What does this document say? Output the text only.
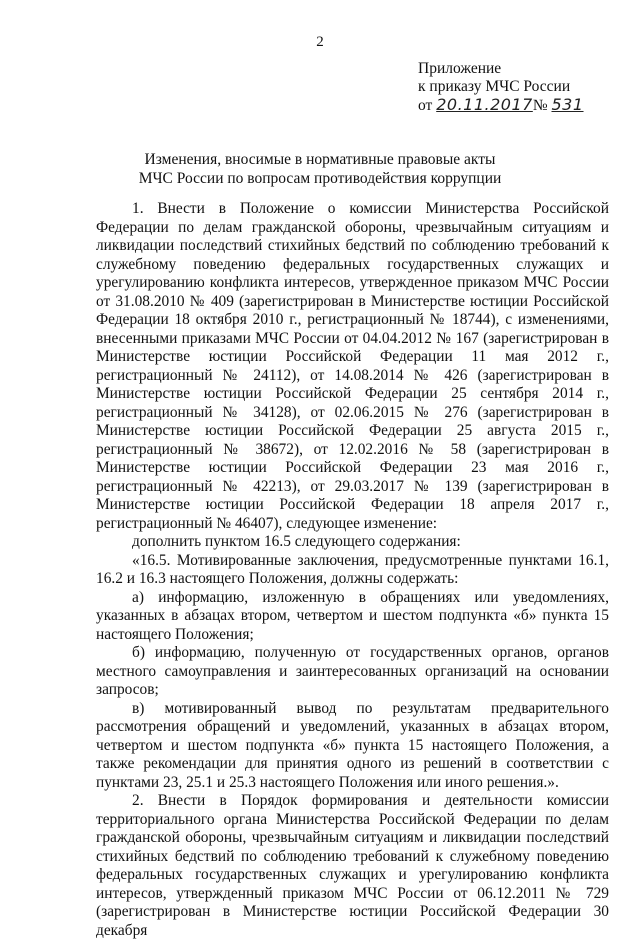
2
Приложение
к приказу МЧС России
от 20.11.2017№ 531
Изменения, вносимые в нормативные правовые акты
МЧС России по вопросам противодействия коррупции

1. Внести в Положение о комиссии Министерства Российской Федерации по делам гражданской обороны, чрезвычайным ситуациям и ликвидации последствий стихийных бедствий по соблюдению требований к служебному поведению федеральных государственных служащих и урегулированию конфликта интересов, утвержденное приказом МЧС России от 31.08.2010 № 409 (зарегистрирован в Министерстве юстиции Российской Федерации 18 октября 2010 г., регистрационный № 18744), с изменениями, внесенными приказами МЧС России от 04.04.2012 № 167 (зарегистрирован в Министерстве юстиции Российской Федерации 11 мая 2012 г., регистрационный № 24112), от 14.08.2014 № 426 (зарегистрирован в Министерстве юстиции Российской Федерации 25 сентября 2014 г., регистрационный № 34128), от 02.06.2015 № 276 (зарегистрирован в Министерстве юстиции Российской Федерации 25 августа 2015 г., регистрационный № 38672), от 12.02.2016 № 58 (зарегистрирован в Министерстве юстиции Российской Федерации 23 мая 2016 г., регистрационный № 42213), от 29.03.2017 № 139 (зарегистрирован в Министерстве юстиции Российской Федерации 18 апреля 2017 г., регистрационный № 46407), следующее изменение:

дополнить пунктом 16.5 следующего содержания:

«16.5. Мотивированные заключения, предусмотренные пунктами 16.1, 16.2 и 16.3 настоящего Положения, должны содержать:

а) информацию, изложенную в обращениях или уведомлениях, указанных в абзацах втором, четвертом и шестом подпункта «б» пункта 15 настоящего Положения;

б) информацию, полученную от государственных органов, органов местного самоуправления и заинтересованных организаций на основании запросов;

в) мотивированный вывод по результатам предварительного рассмотрения обращений и уведомлений, указанных в абзацах втором, четвертом и шестом подпункта «б» пункта 15 настоящего Положения, а также рекомендации для принятия одного из решений в соответствии с пунктами 23, 25.1 и 25.3 настоящего Положения или иного решения.».

2. Внести в Порядок формирования и деятельности комиссии территориального органа Министерства Российской Федерации по делам гражданской обороны, чрезвычайным ситуациям и ликвидации последствий стихийных бедствий по соблюдению требований к служебному поведению федеральных государственных служащих и урегулированию конфликта интересов, утвержденный приказом МЧС России от 06.12.2011 № 729 (зарегистрирован в Министерстве юстиции Российской Федерации 30 декабря
